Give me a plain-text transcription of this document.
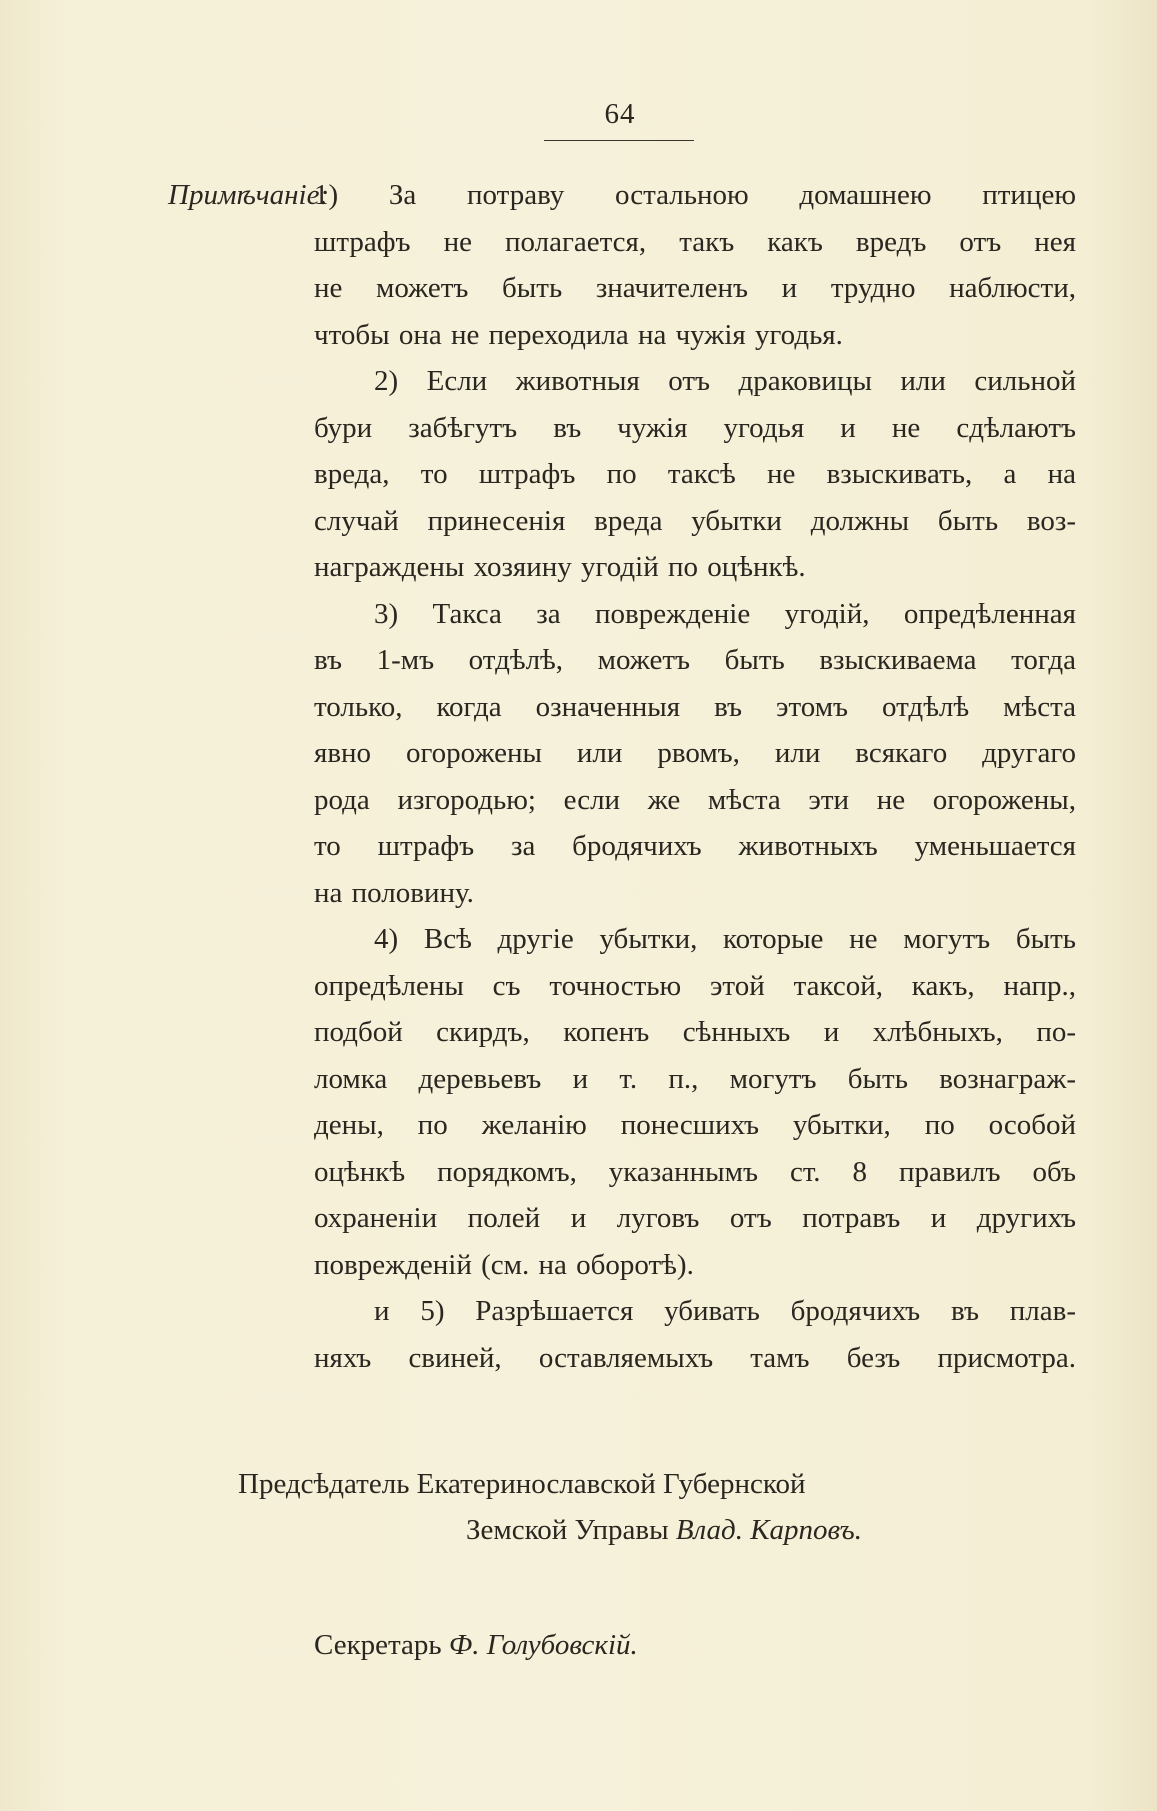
64
Примѣчаніе:
1) За потраву остальною домашнею птицею
штрафъ не полагается, такъ какъ вредъ отъ нея
не можетъ быть значителенъ и трудно наблюсти,
чтобы она не переходила на чужія угодья.
2) Если животныя отъ драковицы или сильной
бури забѣгутъ въ чужія угодья и не сдѣлаютъ
вреда, то штрафъ по таксѣ не взыскивать, а на
случай принесенія вреда убытки должны быть воз-
награждены хозяину угодій по оцѣнкѣ.
3) Такса за поврежденіе угодій, опредѣленная
въ 1-мъ отдѣлѣ, можетъ быть взыскиваема тогда
только, когда означенныя въ этомъ отдѣлѣ мѣста
явно огорожены или рвомъ, или всякаго другаго
рода изгородью; если же мѣста эти не огорожены,
то штрафъ за бродячихъ животныхъ уменьшается
на половину.
4) Всѣ другіе убытки, которые не могутъ быть
опредѣлены съ точностью этой таксой, какъ, напр.,
подбой скирдъ, копенъ сѣнныхъ и хлѣбныхъ, по-
ломка деревьевъ и т. п., могутъ быть вознаграж-
дены, по желанію понесшихъ убытки, по особой
оцѣнкѣ порядкомъ, указаннымъ ст. 8 правилъ объ
охраненіи полей и луговъ отъ потравъ и другихъ
поврежденій (см. на оборотѣ).
и 5) Разрѣшается убивать бродячихъ въ плав-
няхъ свиней, оставляемыхъ тамъ безъ присмотра.
Предсѣдатель Екатеринославской Губернской
Земской Управы Влад. Карповъ.
Секретарь Ф. Голубовскій.
